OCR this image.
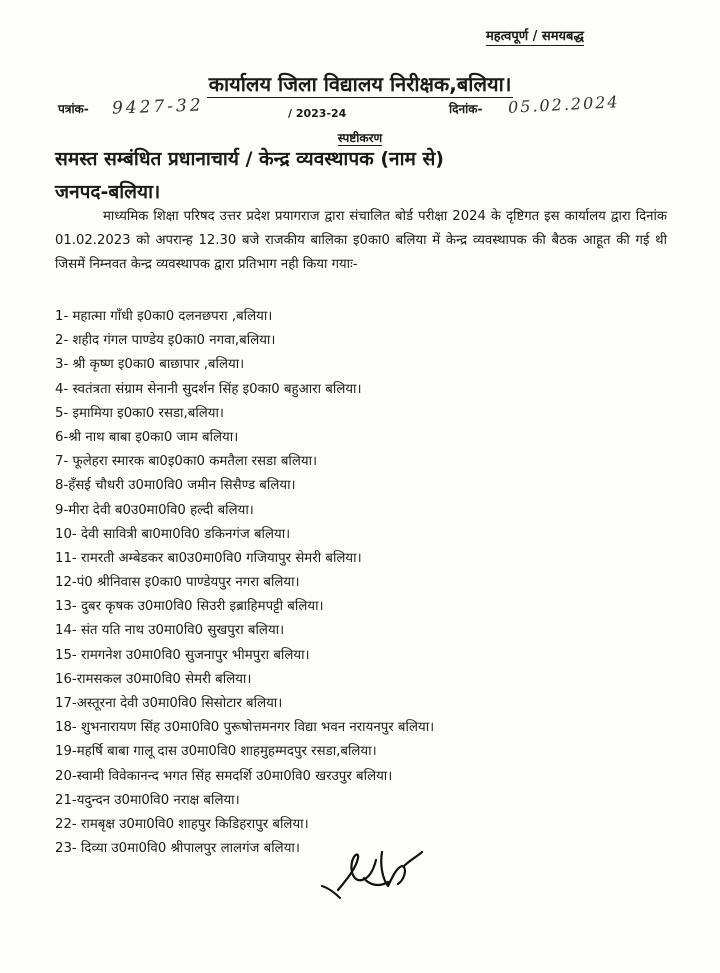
महत्वपूर्ण / समयबद्ध
कार्यालय जिला विद्यालय निरीक्षक,बलिया।
पत्रांक- 9427-32	/ 2023-24	दिनांक- 05.02.2024
स्पष्टीकरण
समस्त सम्बंधित प्रधानाचार्य / केन्द्र व्यवस्थापक (नाम से)
जनपद-बलिया।

माध्यमिक शिक्षा परिषद उत्तर प्रदेश प्रयागराज द्वारा संचालित बोर्ड परीक्षा 2024 के दृष्टिगत इस कार्यालय द्वारा दिनांक 01.02.2023 को अपरान्ह 12.30 बजे राजकीय बालिका इ0का0 बलिया में केन्द्र व्यवस्थापक की बैठक आहूत की गई थी जिसमें निम्नवत केन्द्र व्यवस्थापक द्वारा प्रतिभाग नही किया गयाः-

1- महात्मा गाँधी इ0का0 दलनछपरा ,बलिया।
2- शहीद गंगल पाण्डेय इ0का0 नगवा,बलिया।
3- श्री कृष्ण इ0का0 बाछापार ,बलिया।
4- स्वतंत्रता संग्राम सेनानी सुदर्शन सिंह इ0का0 बहुआरा बलिया।
5- इमामिया इ0का0 रसडा,बलिया।
6-श्री नाथ बाबा इ0का0 जाम बलिया।
7- फूलेहरा स्मारक बा0इ0का0 कमतैला रसडा बलिया।
8-हँसई चौधरी उ0मा0वि0 जमीन सिसैण्ड बलिया।
9-मीरा देवी ब0उ0मा0वि0 हल्दी बलिया।
10- देवी सावित्री बा0मा0वि0 डकिनगंज बलिया।
11- रामरती अम्बेडकर बा0उ0मा0वि0 गजियापुर सेमरी बलिया।
12-पं0 श्रीनिवास इ0का0 पाण्डेयपुर नगरा बलिया।
13- दुबर कृषक उ0मा0वि0 सिउरी इब्राहिमपट्टी बलिया।
14- संत यति नाथ उ0मा0वि0 सुखपुरा बलिया।
15- रामगनेश उ0मा0वि0 सुजनापुर भीमपुरा बलिया।
16-रामसकल उ0मा0वि0 सेमरी बलिया।
17-अस्तूरना देवी उ0मा0वि0 सिसोटार बलिया।
18- शुभनारायण सिंह उ0मा0वि0 पुरूषोत्तमनगर विद्या भवन नरायनपुर बलिया।
19-महर्षि बाबा गालू दास उ0मा0वि0 शाहमुहम्मदपुर रसडा,बलिया।
20-स्वामी विवेकानन्द भगत सिंह समदर्शि उ0मा0वि0 खरउपुर बलिया।
21-यदुन्दन उ0मा0वि0 नराक्ष बलिया।
22- रामबृक्ष उ0मा0वि0 शाहपुर किडिहरापुर बलिया।
23- दिव्या उ0मा0वि0 श्रीपालपुर लालगंज बलिया।
